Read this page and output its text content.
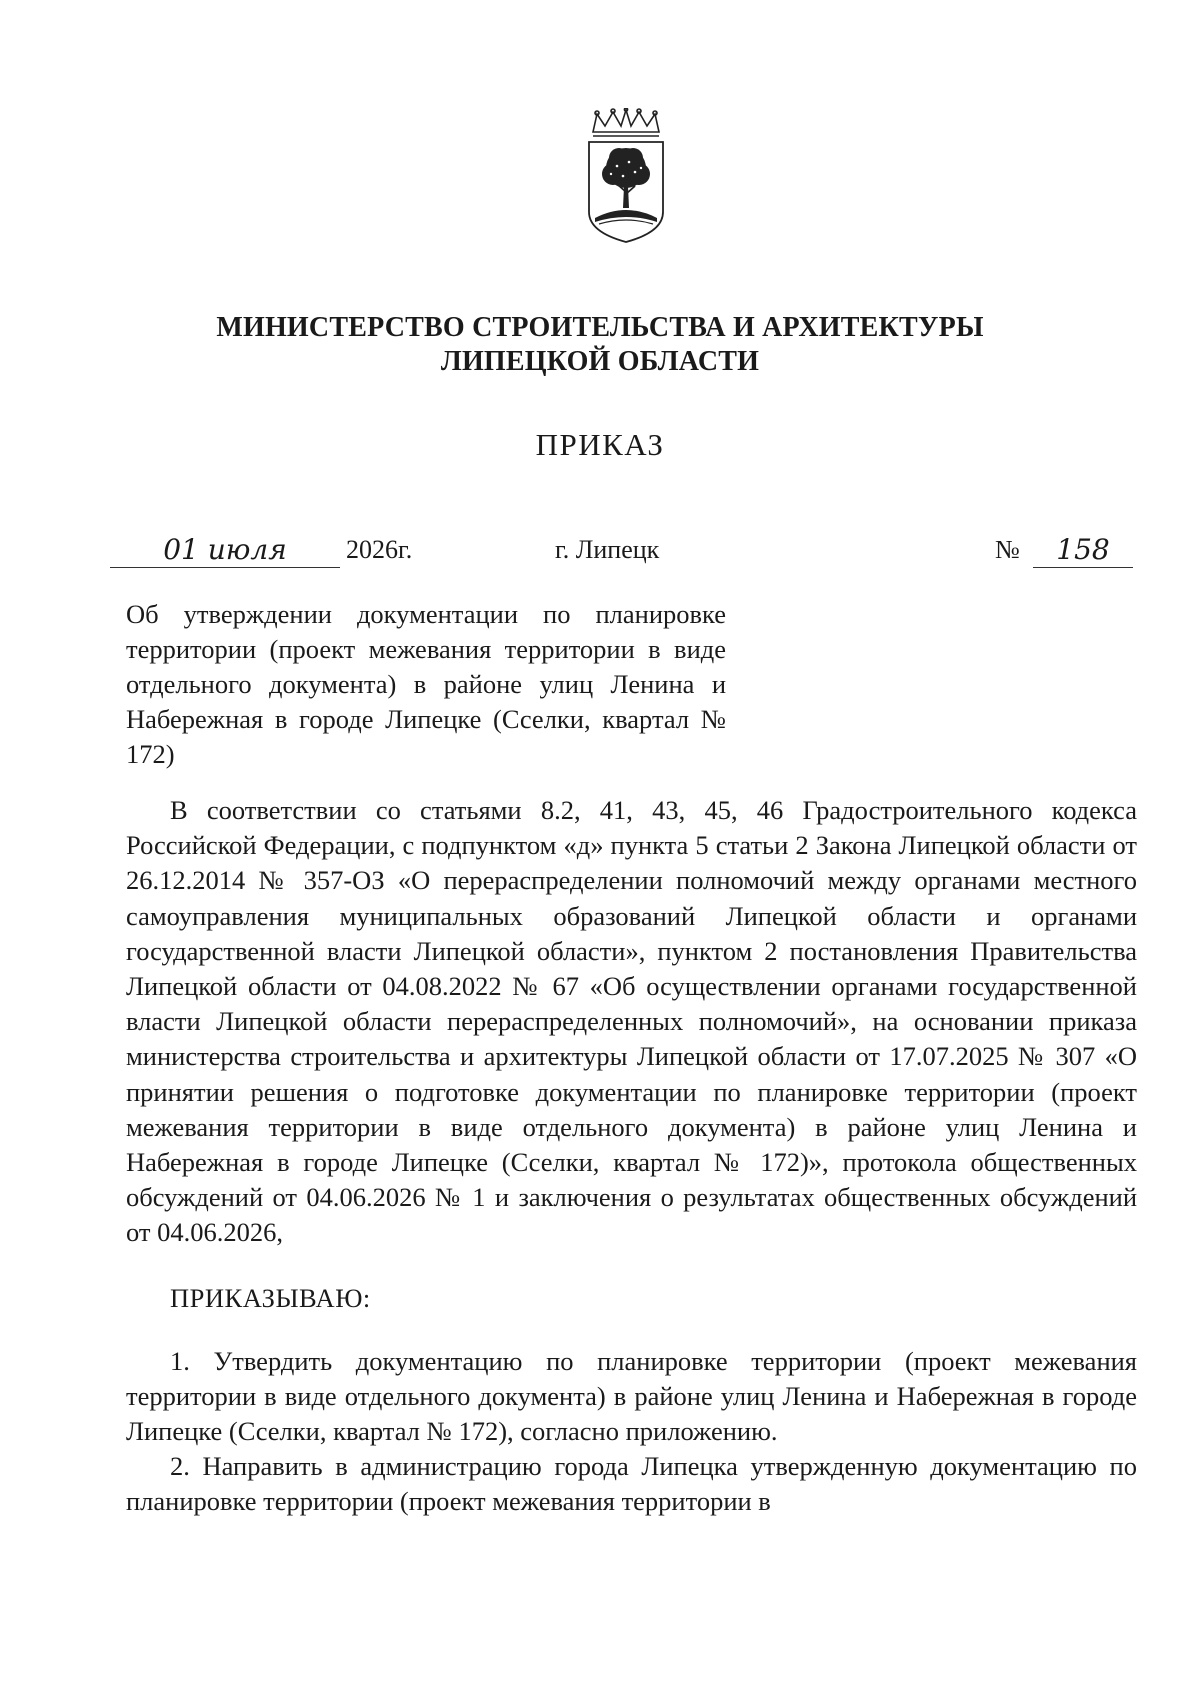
МИНИСТЕРСТВО СТРОИТЕЛЬСТВА И АРХИТЕКТУРЫ
ЛИПЕЦКОЙ ОБЛАСТИ
ПРИКАЗ
01 июля	2026г.	г. Липецк	№	158
Об утверждении документации по планировке территории (проект межевания территории в виде отдельного документа) в районе улиц Ленина и Набережная в городе Липецке (Сселки, квартал № 172)
В соответствии со статьями 8.2, 41, 43, 45, 46 Градостроительного кодекса Российской Федерации, с подпунктом «д» пункта 5 статьи 2 Закона Липецкой области от 26.12.2014 № 357-ОЗ «О перераспределении полномочий между органами местного самоуправления муниципальных образований Липецкой области и органами государственной власти Липецкой области», пунктом 2 постановления Правительства Липецкой области от 04.08.2022 № 67 «Об осуществлении органами государственной власти Липецкой области перераспределенных полномочий», на основании приказа министерства строительства и архитектуры Липецкой области от 17.07.2025 № 307 «О принятии решения о подготовке документации по планировке территории (проект межевания территории в виде отдельного документа) в районе улиц Ленина и Набережная в городе Липецке (Сселки, квартал № 172)», протокола общественных обсуждений от 04.06.2026 № 1 и заключения о результатах общественных обсуждений от 04.06.2026,
ПРИКАЗЫВАЮ:
1. Утвердить документацию по планировке территории (проект межевания территории в виде отдельного документа) в районе улиц Ленина и Набережная в городе Липецке (Сселки, квартал № 172), согласно приложению.
2. Направить в администрацию города Липецка утвержденную документацию по планировке территории (проект межевания территории в
